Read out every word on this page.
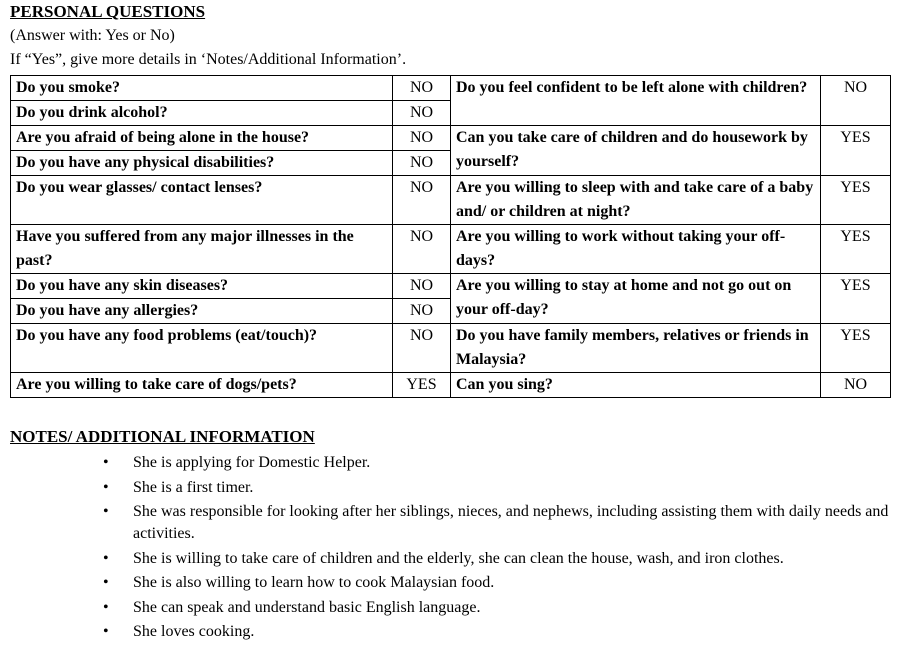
PERSONAL QUESTIONS
(Answer with: Yes or No)
If “Yes”, give more details in ‘Notes/Additional Information’.
Do you smoke?	NO	Do you feel confident to be left alone with children?	NO
Do you drink alcohol?	NO		
Are you afraid of being alone in the house?	NO	Can you take care of children and do housework by yourself?	YES
Do you have any physical disabilities?	NO		
Do you wear glasses/ contact lenses?	NO	Are you willing to sleep with and take care of a baby and/ or children at night?	YES
Have you suffered from any major illnesses in the past?	NO	Are you willing to work without taking your off-days?	YES
Do you have any skin diseases?	NO	Are you willing to stay at home and not go out on your off-day?	YES
Do you have any allergies?	NO		
Do you have any food problems (eat/touch)?	NO	Do you have family members, relatives or friends in Malaysia?	YES
Are you willing to take care of dogs/pets?	YES	Can you sing?	NO
NOTES/ ADDITIONAL INFORMATION
• She is applying for Domestic Helper.
• She is a first timer.
• She was responsible for looking after her siblings, nieces, and nephews, including assisting them with daily needs and activities.
• She is willing to take care of children and the elderly, she can clean the house, wash, and iron clothes.
• She is also willing to learn how to cook Malaysian food.
• She can speak and understand basic English language.
• She loves cooking.
